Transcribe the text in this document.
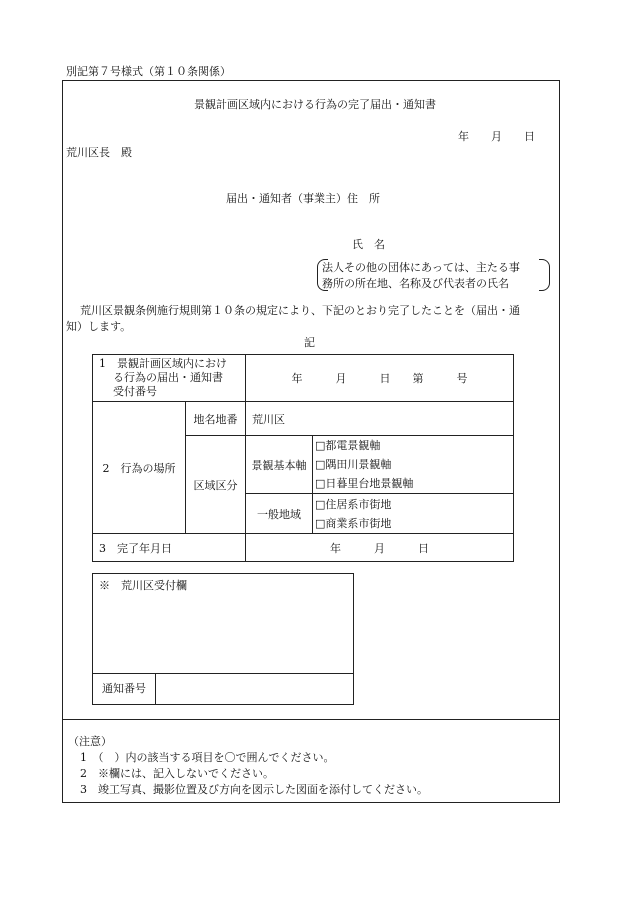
別記第７号様式（第１０条関係）
景観計画区域内における行為の完了届出・通知書
年　　月　　日
荒川区長　殿
届出・通知者（事業主）住　所
氏　名
法人その他の団体にあっては、主たる事
務所の所在地、名称及び代表者の氏名
荒川区景観条例施行規則第１０条の規定により、下記のとおり完了したことを（届出・通
知）します。
記
1　景観計画区域内におけ
る行為の届出・通知書
受付番号		年　　　月　　　日　　第　　　号	
2　行為の場所	地名地番	荒川区	
	区域区分	景観基本軸	□都電景観軸
□隅田川景観軸
□日暮里台地景観軸

		一般地域	□住居系市街地
□商業系市街地

3　完了年月日		年　　　月　　　日	
※　荒川区受付欄
通知番号
（注意）
1　（　）内の該当する項目を〇で囲んでください。
2　※欄には、記入しないでください。
3　竣工写真、撮影位置及び方向を図示した図面を添付してください。
